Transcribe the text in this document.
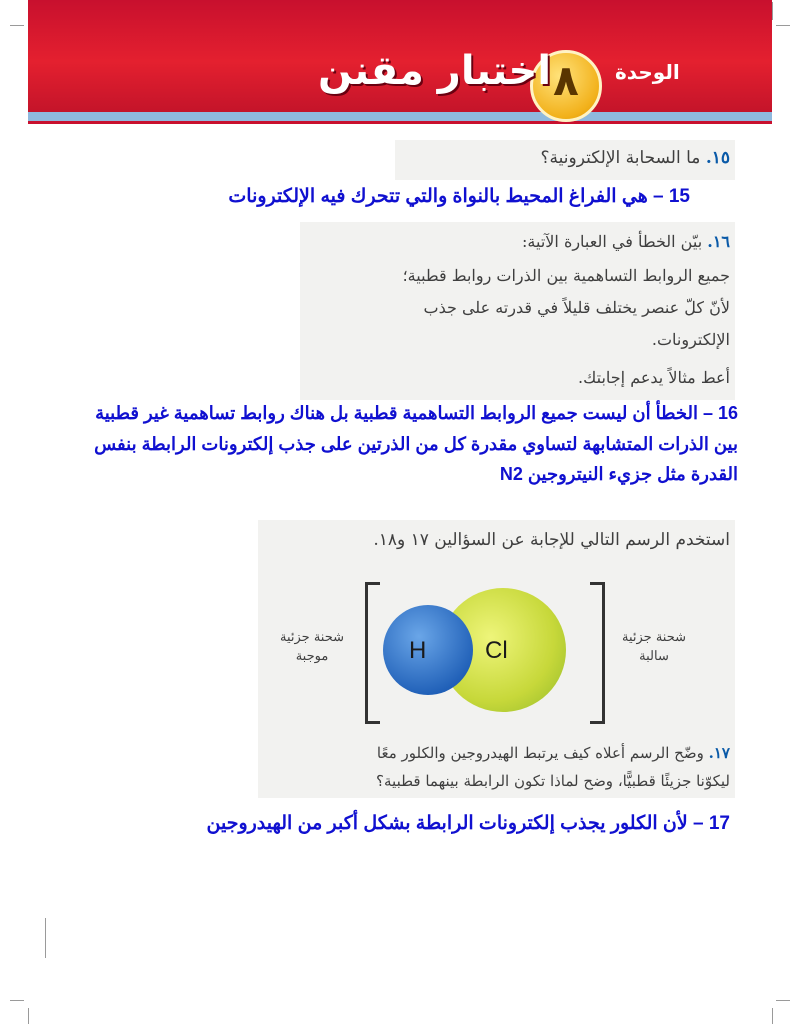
الوحدة
٨
اختبار مقنن
١٥. ما السحابة الإلكترونية؟
15 – هي الفراغ المحيط بالنواة والتي تتحرك فيه الإلكترونات
١٦. بيّن الخطأ في العبارة الآتية:
جميع الروابط التساهمية بين الذرات روابط قطبية؛
لأنّ كلّ عنصر يختلف قليلاً في قدرته على جذب
الإلكترونات.
أعط مثالاً يدعم إجابتك.
16 – الخطأ أن ليست جميع الروابط التساهمية قطبية بل هناك روابط تساهمية غير قطبية
بين الذرات المتشابهة لتساوي مقدرة كل من الذرتين على جذب إلكترونات الرابطة بنفس
القدرة مثل جزيء النيتروجين N2
استخدم الرسم التالي للإجابة عن السؤالين ١٧ و١٨.
H Cl
شحنة جزئية
موجبة
شحنة جزئية
سالبة
١٧. وضّح الرسم أعلاه كيف يرتبط الهيدروجين والكلور معًا
ليكوّنا جزيئًا قطبيًّا، وضح لماذا تكون الرابطة بينهما قطبية؟
17 – لأن الكلور يجذب إلكترونات الرابطة بشكل أكبر من الهيدروجين
